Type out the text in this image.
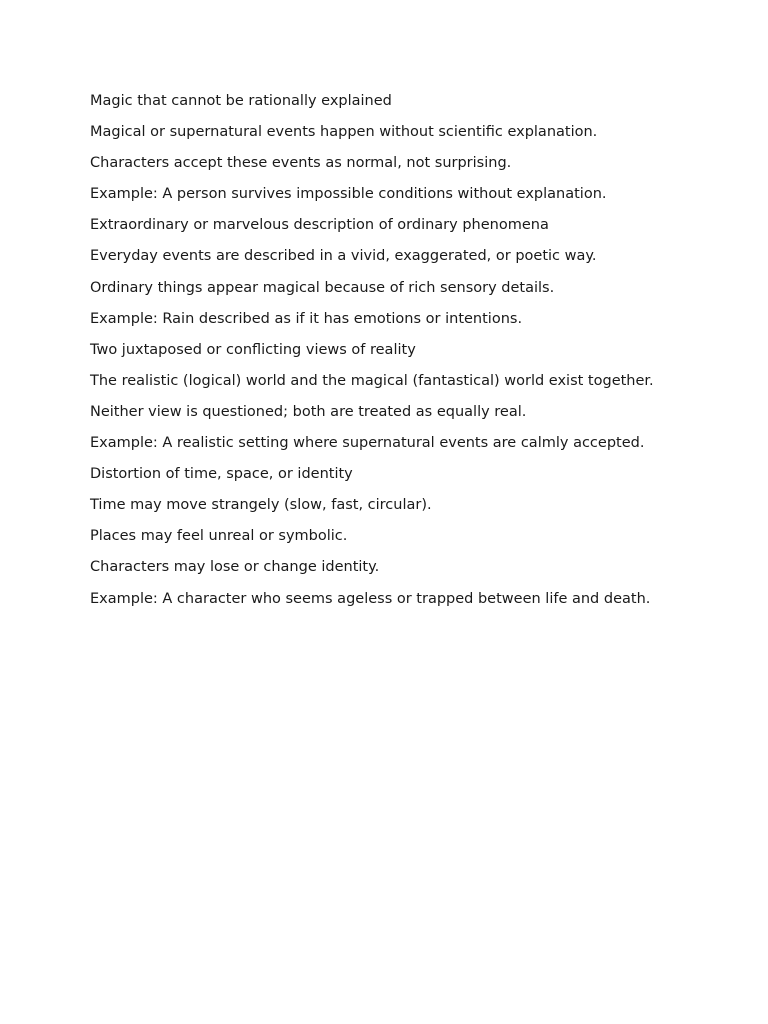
Magic that cannot be rationally explained

Magical or supernatural events happen without scientific explanation.

Characters accept these events as normal, not surprising.

Example: A person survives impossible conditions without explanation.

Extraordinary or marvelous description of ordinary phenomena

Everyday events are described in a vivid, exaggerated, or poetic way.

Ordinary things appear magical because of rich sensory details.

Example: Rain described as if it has emotions or intentions.

Two juxtaposed or conflicting views of reality

The realistic (logical) world and the magical (fantastical) world exist together.

Neither view is questioned; both are treated as equally real.

Example: A realistic setting where supernatural events are calmly accepted.

Distortion of time, space, or identity

Time may move strangely (slow, fast, circular).

Places may feel unreal or symbolic.

Characters may lose or change identity.

Example: A character who seems ageless or trapped between life and death.
